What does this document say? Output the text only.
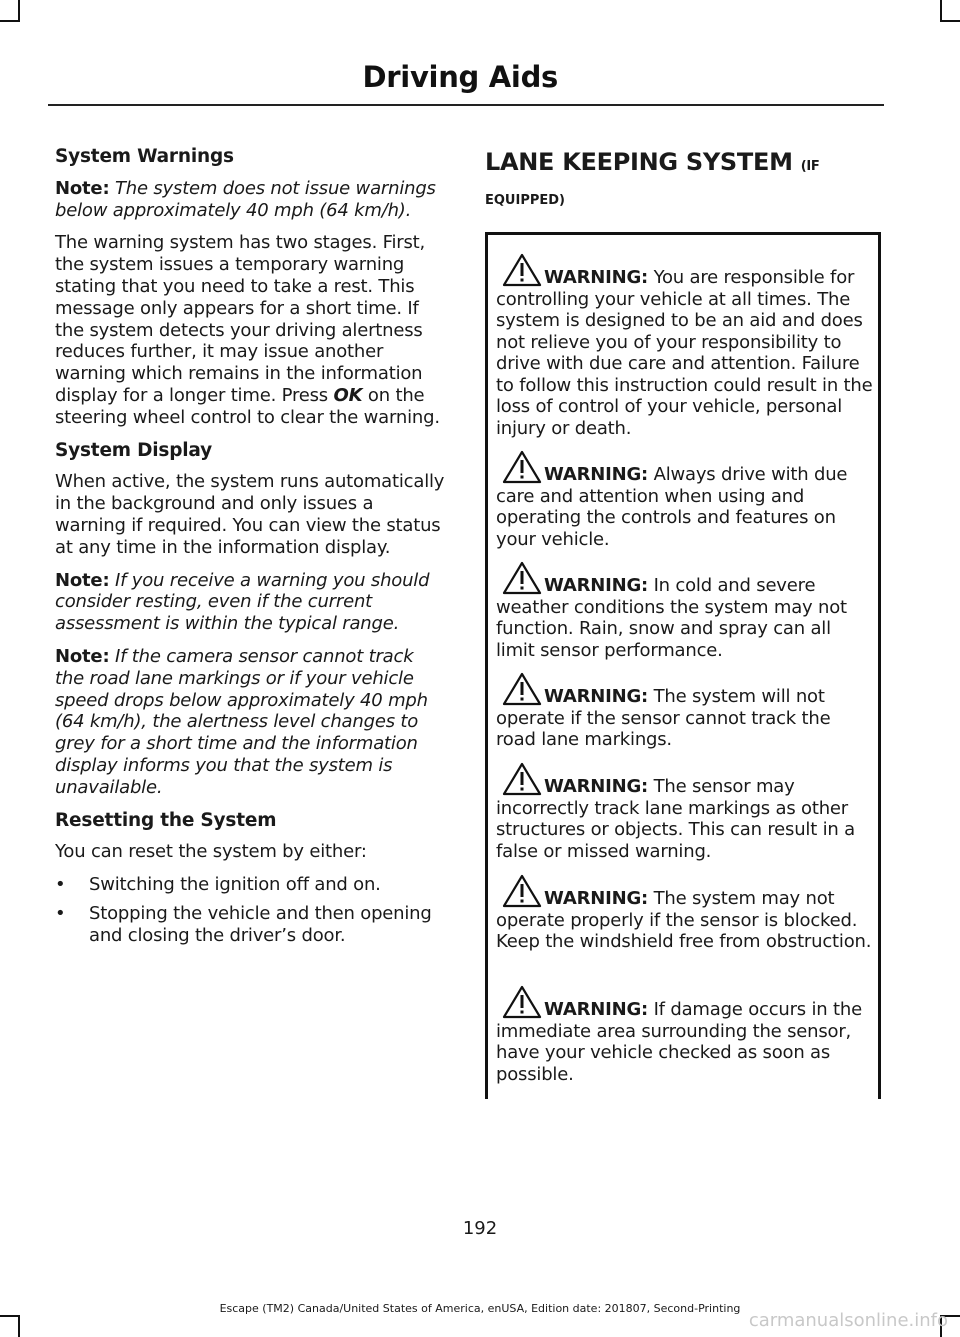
Driving Aids
System Warnings

Note: The system does not issue warnings below approximately 40 mph (64 km/h).

The warning system has two stages. First, the system issues a temporary warning stating that you need to take a rest. This message only appears for a short time. If the system detects your driving alertness reduces further, it may issue another warning which remains in the information display for a longer time. Press OK on the steering wheel control to clear the warning.

System Display

When active, the system runs automatically in the background and only issues a warning if required. You can view the status at any time in the information display.

Note: If you receive a warning you should consider resting, even if the current assessment is within the typical range.

Note: If the camera sensor cannot track the road lane markings or if your vehicle speed drops below approximately 40 mph (64 km/h), the alertness level changes to grey for a short time and the information display informs you that the system is unavailable.

Resetting the System

You can reset the system by either:

• Switching the ignition off and on.
• Stopping the vehicle and then opening and closing the driver’s door.
LANE KEEPING SYSTEM (IF
EQUIPPED)

WARNING: You are responsible for controlling your vehicle at all times. The system is designed to be an aid and does not relieve you of your responsibility to drive with due care and attention. Failure to follow this instruction could result in the loss of control of your vehicle, personal injury or death.

WARNING: Always drive with due care and attention when using and operating the controls and features on your vehicle.

WARNING: In cold and severe weather conditions the system may not function. Rain, snow and spray can all limit sensor performance.

WARNING: The system will not operate if the sensor cannot track the road lane markings.

WARNING: The sensor may incorrectly track lane markings as other structures or objects. This can result in a false or missed warning.

WARNING: The system may not operate properly if the sensor is blocked. Keep the windshield free from obstruction.

WARNING: If damage occurs in the immediate area surrounding the sensor, have your vehicle checked as soon as possible.

192
Escape (TM2) Canada/United States of America, enUSA, Edition date: 201807, Second-Printing
carmanualsonline.info
